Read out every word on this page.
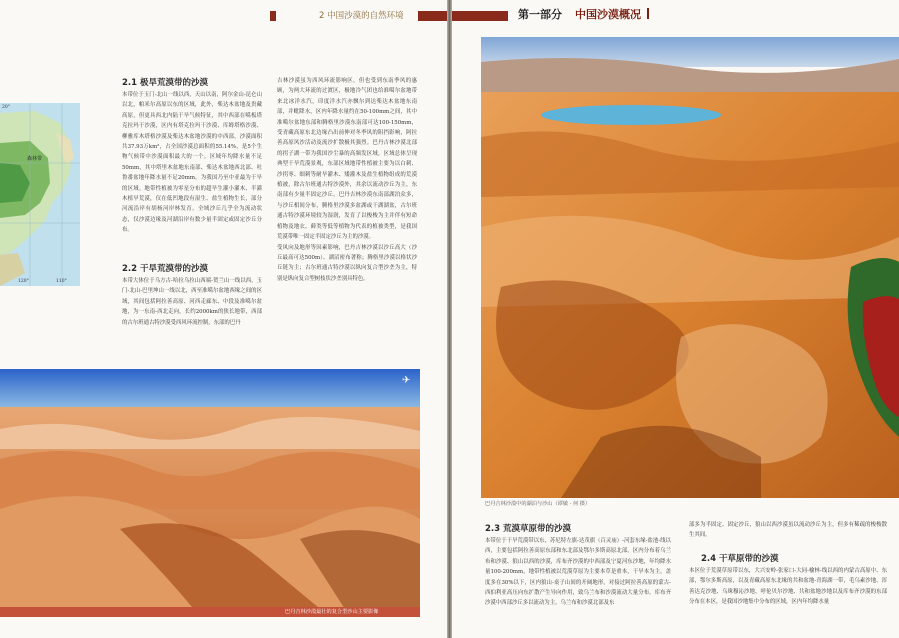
2 中国沙漠的自然环境
森林带
20°
120°	110°
2.1 极旱荒漠带的沙漠
本带位于玉门-北山一线以西，天山以南，阿尔金山-昆仑山以北，帕米尔高原以东的区域，此外，柴达木盆地及贵藏高原，但更具西北内陆干旱气候特征，其中西部在噶板塔克拉玛干沙漠，区内有塔克拉玛干沙漠、库姆塔格沙漠、柳雅库木塔格沙漠及柴达木盆地沙漠的中西部，沙漠面积共37.93万km²，占全国沙漠总面积的55.14%，是5个生物气候带中沙漠面积最大的一个。区域年均降水量不足50mm，其中塔里木盆地东南部、柴达木盆地西北部、吐鲁番盆地年降水量不足20mm，为我国乃至中亚最为干旱的区域。地带性植被为零星分布的超旱生灌小灌木、半灌木植旱荒漠，仅在低凹地段有湿生、盐生植物生长，部分河流沿岸有胡杨河岸林发育。全域沙丘几乎全为流动状态，仅沙漠边缘及河湖沿岸有数少量半固定或固定沙丘分布。
2.2 干旱荒漠带的沙漠
本带大体位于乌方古-哈拉乌拉山西端-贺兰山一线以西，玉门-北山-巴里坤山一线以北，西至准噶尔盆地西缘之间的区域，其间包括阿拉善高原、河西走廊东、中段及准噶尔盆地，为一东南-西北走向，长约2000km的狭长地带，西部的古尔班通古特沙漠受西风环流控制，东部的巴丹
吉林沙漠虽为西风环流影响区，但也受到东南季风的惠顾，为两大环流的过渡区，极地冷气团也给准噶尔盆地带来北冰洋水汽，印度洋水汽亦飘尔到达柴达木盆地东南部，并毗降水，区内年降水量约在50-100mm之间，其中准噶尔盆地东部和腾格里沙漠东南部可达100-150mm，受青藏高原东北边缘凸出前伸对冬季风的阻挡影响，阿拉善高原风沙活动及流沙扩散极其强烈。巴丹吉林沙漠北部的拐子湖一带为我国沙尘暴的高频发区域，区域总体呈现典型干旱荒漠景观，东部区域地带性植被主要为以白刺、沙拐枣、细刺等耐旱灌木、矮灌木及盐生植物组成的荒漠植被，除古尔班通古特沙漠外，其余以流动沙丘为主，东南部有少量半固定沙丘，巴丹吉林沙漠东南部湖泊众多，与沙丘相间分布，腾格里沙漠多盆湖或干湖湖盆，古尔班通古特沙漠环境较为湿润，发育了以梭梭为主并伴有短命植物及地衣、藓类等低等植物为代表的植被类型，是我国荒漠带唯一固定半固定沙丘为主的沙漠。
受风向及地形等因素影响，巴丹吉林沙漠以沙丘高大（沙丘最高可达500m）、湖沼密布著称；腾格里沙漠以格状沙丘链为主；古尔班通古特沙漠以纵向复合型沙垄为主，特别是纵向复合型树枝状沙垄别具特色。
巴丹吉林沙漠最壮的复合型沙山主要影像
✈
第一部分 中国沙漠概况
巴丹吉林沙漠中的湖泊与沙山（谭敏 · 何 摄）
2.3 荒漠草原带的沙漠
本带位于干旱荒漠带以东，苏尼特左旗-达茂旗（百灵庙）-河套东缘-盐池-线以西，主要包括阿拉善高原东部和东北部及鄂尔多斯高原北部，区内分布着乌兰布和沙漠、狼山以西的沙漠，库布齐沙漠的中西部及宁夏河东沙地，年均降水量100-200mm，地带性植被以荒漠草原为主要本草是重本，干旱本为主，盖度多在30%以下，区内狼山-桌子山间的开阔地形，对接过阿拉善高原的蒙古-西伯利亚高压向东扩散产生导向作用，致乌兰布和沙漠流动大量分布。库布齐沙漠中西部沙丘多以流动为主，乌兰布和沙漠北部及东
部多为半固定、固定沙丘，狼山以西沙漠虽以流动沙丘为主，但多有稀疏的梭梭散生其间。
2.4 干草原带的沙漠
本区位于荒漠草原带以东，大兴安岭-张家口-大同-榆林-线以西的内蒙古高原中、东部，鄂尔多斯高原，以及青藏高原东北缘的共和盆地-青海湖一带，毛乌素沙地、浑善达克沙地、乌珠穆沁沙地、呼伦贝尔沙地、共和盆地沙地以及库布齐沙漠的东部分布在本区，是我国沙地集中分布的区域，区内年均降水量
